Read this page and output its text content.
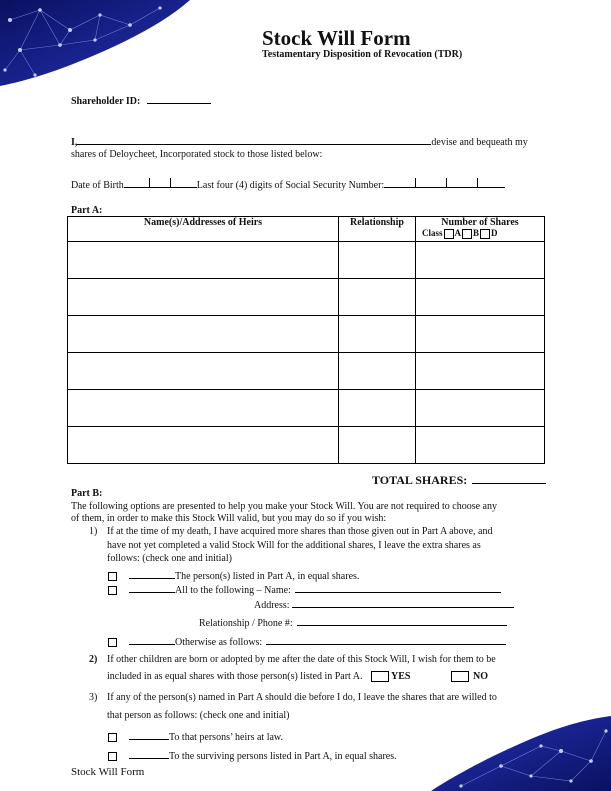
Stock Will Form
Testamentary Disposition of Revocation (TDR)
Shareholder ID:
I,	devise and bequeath my
shares of Deloycheet, Incorporated stock to those listed below:
Date of Birth	Last four (4) digits of Social Security Number:
Part A:
Name(s)/Addresses of Heirs	Relationship	Number of Shares
Class A B D

TOTAL SHARES:
Part B:
The following options are presented to help you make your Stock Will. You are not required to choose any
of them, in order to make this Stock Will valid, but you may do so if you wish:
1) If at the time of my death, I have acquired more shares than those given out in Part A above, and
have not yet completed a valid Stock Will for the additional shares, I leave the extra shares as
follows: (check one and initial)
The person(s) listed in Part A, in equal shares.
All to the following – Name:
Address:
Relationship / Phone #:
Otherwise as follows:
2) If other children are born or adopted by me after the date of this Stock Will, I wish for them to be
included in as equal shares with those person(s) listed in Part A.	YES	NO
3) If any of the person(s) named in Part A should die before I do, I leave the shares that are willed to
that person as follows: (check one and initial)
To that persons’ heirs at law.
To the surviving persons listed in Part A, in equal shares.
Stock Will Form
